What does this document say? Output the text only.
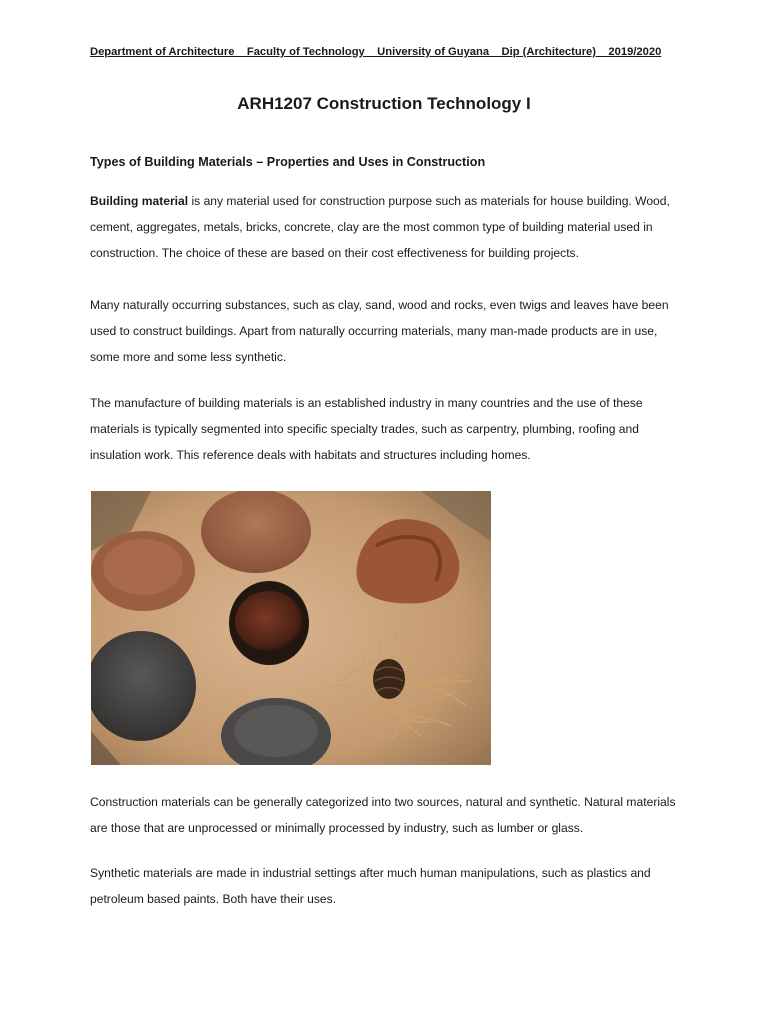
Department of Architecture    Faculty of Technology    University of Guyana    Dip (Architecture)    2019/2020
ARH1207 Construction Technology I
Types of Building Materials – Properties and Uses in Construction

Building material is any material used for construction purpose such as materials for house building. Wood, cement, aggregates, metals, bricks, concrete, clay are the most common type of building material used in construction. The choice of these are based on their cost effectiveness for building projects.

Many naturally occurring substances, such as clay, sand, wood and rocks, even twigs and leaves have been used to construct buildings. Apart from naturally occurring materials, many man-made products are in use, some more and some less synthetic.

The manufacture of building materials is an established industry in many countries and the use of these materials is typically segmented into specific specialty trades, such as carpentry, plumbing, roofing and insulation work. This reference deals with habitats and structures including homes.

Construction materials can be generally categorized into two sources, natural and synthetic. Natural materials are those that are unprocessed or minimally processed by industry, such as lumber or glass.

Synthetic materials are made in industrial settings after much human manipulations, such as plastics and petroleum based paints. Both have their uses.
